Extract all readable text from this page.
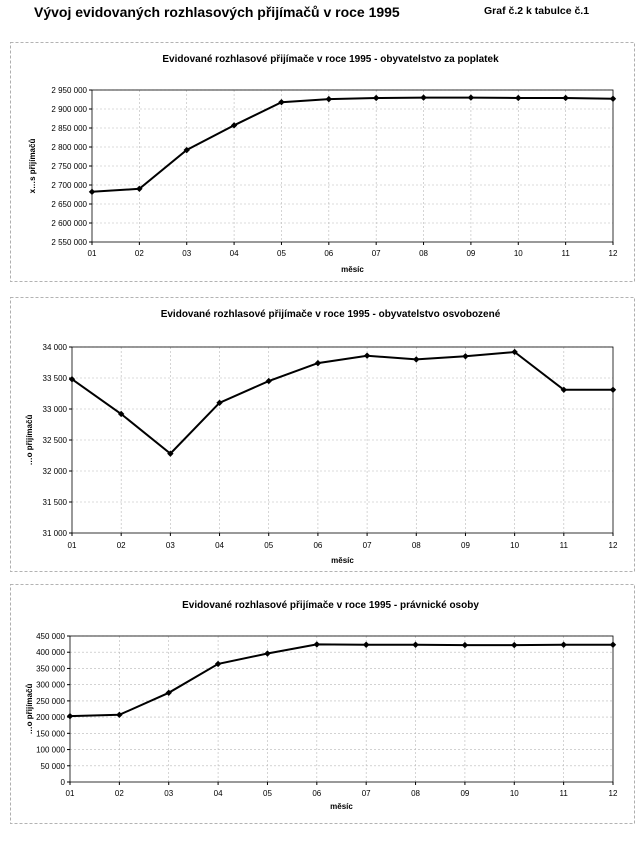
Vývoj evidovaných rozhlasových přijímačů v roce 1995	Graf č.2 k tabulce č.1
Evidované rozhlasové přijímače v roce 1995 - obyvatelstvo za poplatek
2 550 000
2 600 000
2 650 000
2 700 000
2 750 000
2 800 000
2 850 000
2 900 000
2 950 000
01	02	03	04	05	06	07	08	09	10	11	12
měsíc
x…s přijímačů
Evidované rozhlasové přijímače v roce 1995 - obyvatelstvo osvobozené
31 000
31 500
32 000
32 500
33 000
33 500
34 000
01	02	03	04	05	06	07	08	09	10	11	12
měsíc
…o přijímačů
Evidované rozhlasové přijímače v roce 1995 - právnické osoby
0
50 000
100 000
150 000
200 000
250 000
300 000
350 000
400 000
450 000
01	02	03	04	05	06	07	08	09	10	11	12
měsíc
…o přijímačů
